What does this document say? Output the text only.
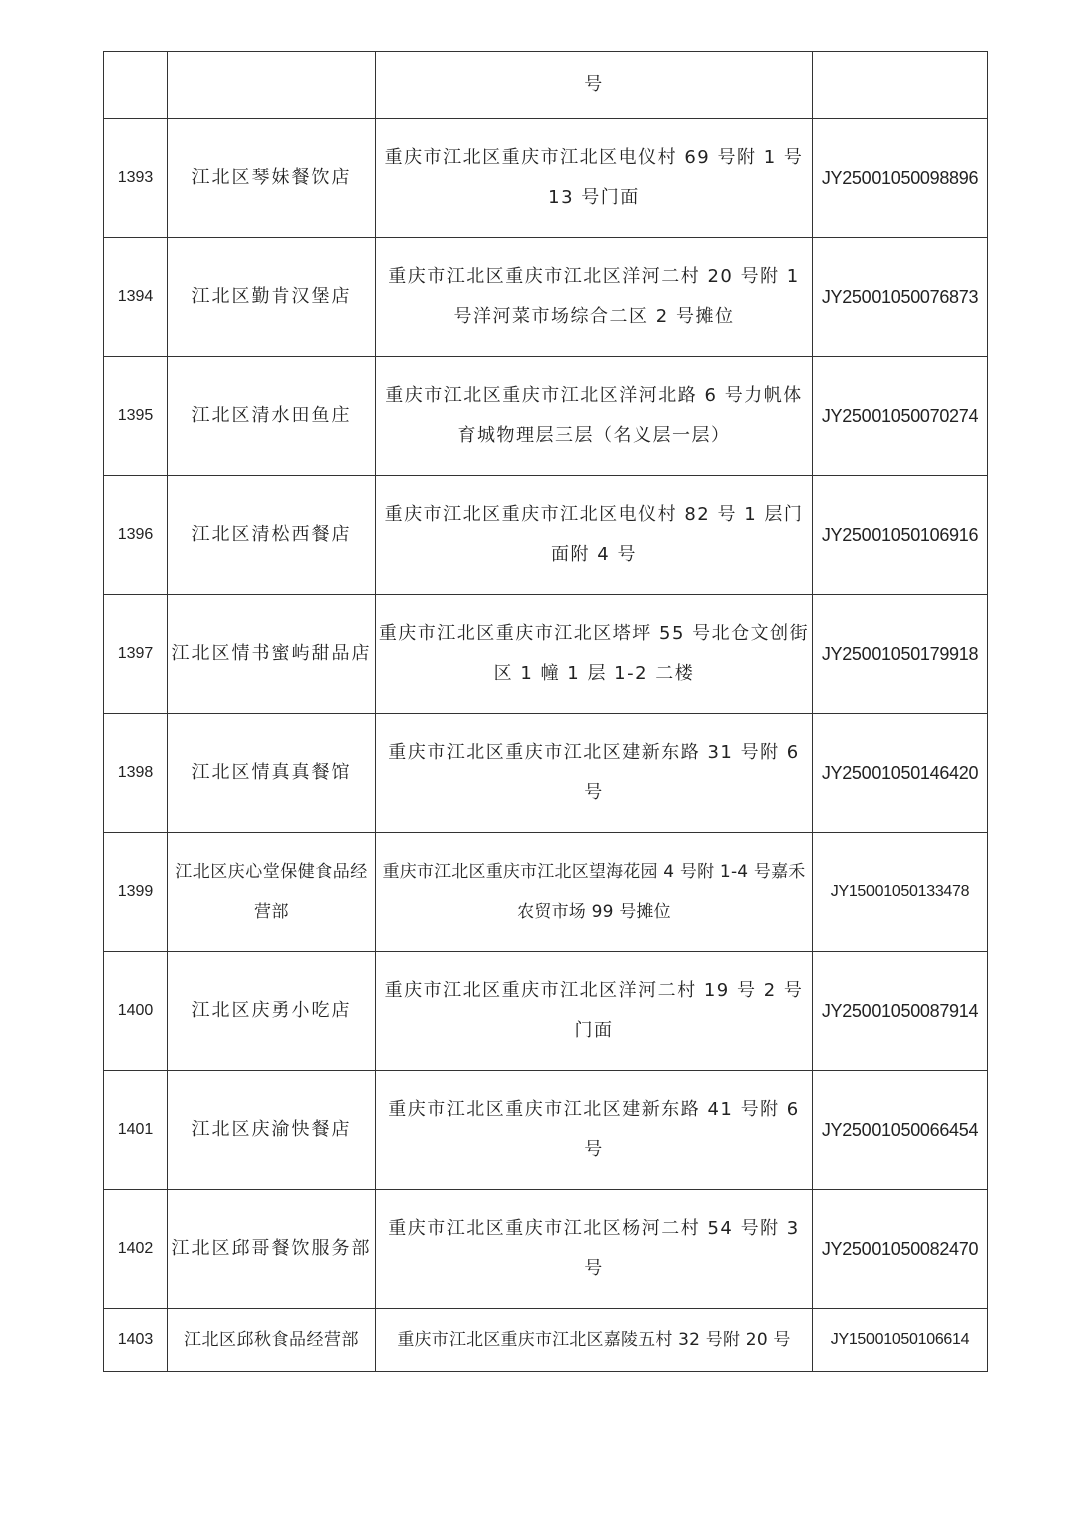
		号	
1393	江北区琴妹餐饮店	重庆市江北区重庆市江北区电仪村 69 号附 1 号 13 号门面	JY25001050098896
1394	江北区勤肯汉堡店	重庆市江北区重庆市江北区洋河二村 20 号附 1 号洋河菜市场综合二区 2 号摊位	JY25001050076873
1395	江北区清水田鱼庄	重庆市江北区重庆市江北区洋河北路 6 号力帆体育城物理层三层（名义层一层）	JY25001050070274
1396	江北区清松西餐店	重庆市江北区重庆市江北区电仪村 82 号 1 层门面附 4 号	JY25001050106916
1397	江北区情书蜜屿甜品店	重庆市江北区重庆市江北区塔坪 55 号北仓文创街区 1 幢 1 层 1-2 二楼	JY25001050179918
1398	江北区情真真餐馆	重庆市江北区重庆市江北区建新东路 31 号附 6 号	JY25001050146420
1399	江北区庆心堂保健食品经营部	重庆市江北区重庆市江北区望海花园 4 号附 1-4 号嘉禾农贸市场 99 号摊位	JY15001050133478
1400	江北区庆勇小吃店	重庆市江北区重庆市江北区洋河二村 19 号 2 号门面	JY25001050087914
1401	江北区庆渝快餐店	重庆市江北区重庆市江北区建新东路 41 号附 6 号	JY25001050066454
1402	江北区邱哥餐饮服务部	重庆市江北区重庆市江北区杨河二村 54 号附 3 号	JY25001050082470
1403	江北区邱秋食品经营部	重庆市江北区重庆市江北区嘉陵五村 32 号附 20 号	JY15001050106614
